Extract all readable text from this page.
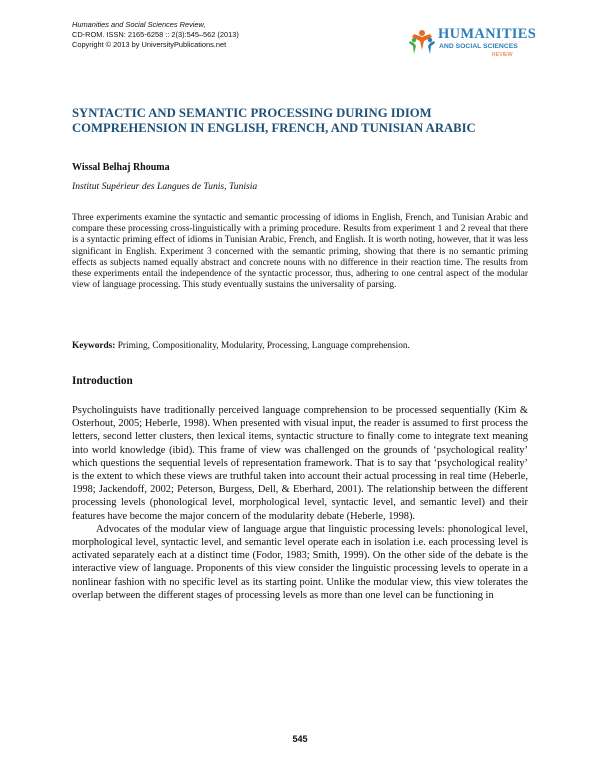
Humanities and Social Sciences Review,
CD-ROM. ISSN: 2165-6258 :: 2(3):545–562 (2013)
Copyright © 2013 by UniversityPublications.net
HUMANITIES
AND SOCIAL SCIENCES
REVIEW
SYNTACTIC AND SEMANTIC PROCESSING DURING IDIOM COMPREHENSION IN ENGLISH, FRENCH, AND TUNISIAN ARABIC
Wissal Belhaj Rhouma
Institut Supérieur des Langues de Tunis, Tunisia
Three experiments examine the syntactic and semantic processing of idioms in English, French, and Tunisian Arabic and compare these processing cross-linguistically with a priming procedure. Results from experiment 1 and 2 reveal that there is a syntactic priming effect of idioms in Tunisian Arabic, French, and English. It is worth noting, however, that it was less significant in English. Experiment 3 concerned with the semantic priming, showing that there is no semantic priming effects as subjects named equally abstract and concrete nouns with no difference in their reaction time. The results from these experiments entail the independence of the syntactic processor, thus, adhering to one central aspect of the modular view of language processing. This study eventually sustains the universality of parsing.
Keywords: Priming, Compositionality, Modularity, Processing, Language comprehension.
Introduction

Psycholinguists have traditionally perceived language comprehension to be processed sequentially (Kim & Osterhout, 2005; Heberle, 1998). When presented with visual input, the reader is assumed to first process the letters, second letter clusters, then lexical items, syntactic structure to finally come to integrate text meaning into world knowledge (ibid). This frame of view was challenged on the grounds of ‘psychological reality’ which questions the sequential levels of representation framework. That is to say that ‘psychological reality’ is the extent to which these views are truthful taken into account their actual processing in real time (Heberle, 1998; Jackendoff, 2002; Peterson, Burgess, Dell, & Eberhard, 2001). The relationship between the different processing levels (phonological level, morphological level, syntactic level, and semantic level) and their features have become the major concern of the modularity debate (Heberle, 1998).

Advocates of the modular view of language argue that linguistic processing levels: phonological level, morphological level, syntactic level, and semantic level operate each in isolation i.e. each processing level is activated separately each at a distinct time (Fodor, 1983; Smith, 1999). On the other side of the debate is the interactive view of language. Proponents of this view consider the linguistic processing levels to operate in a nonlinear fashion with no specific level as its starting point. Unlike the modular view, this view tolerates the overlap between the different stages of processing levels as more than one level can be functioning in

545
